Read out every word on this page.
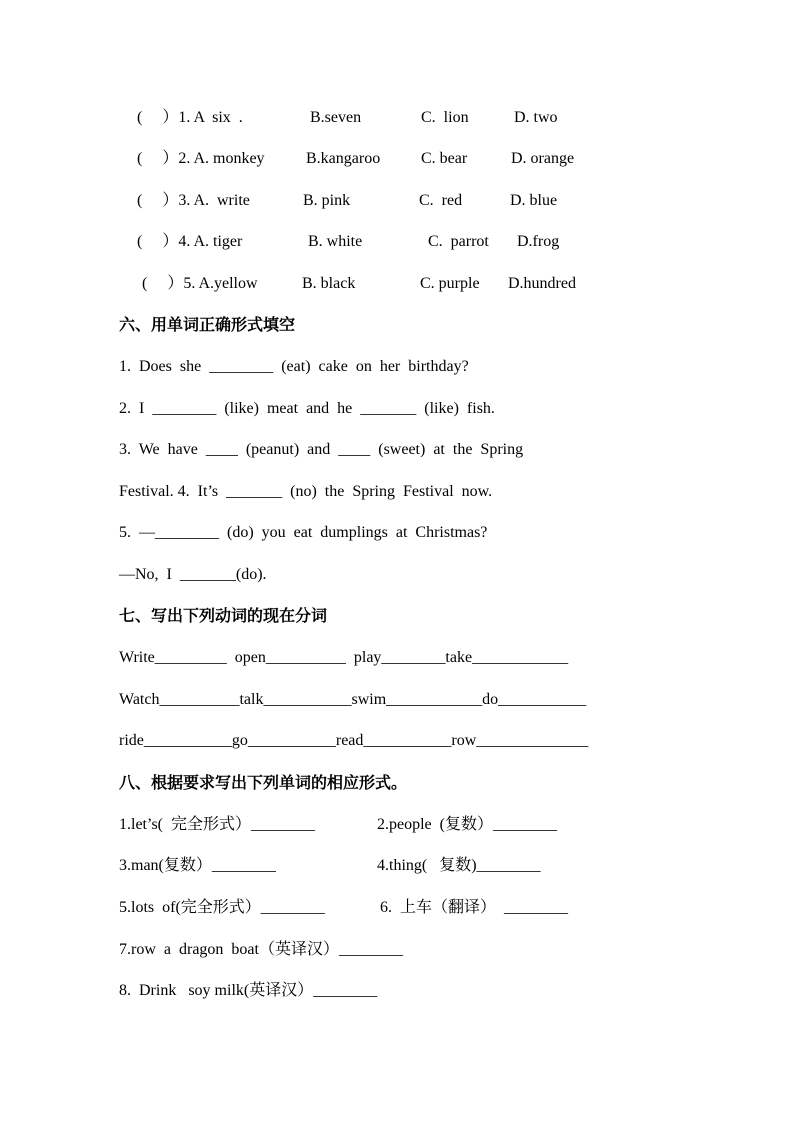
(　 ）1. A  six  .	B.seven	C.  lion	D. two
(　 ）2. A. monkey	B.kangaroo	C. bear	D. orange
(　 ）3. A.  write	B. pink	C.  red	D. blue
(　 ）4. A. tiger	B. white	C.  parrot D.frog
(　 ）5. A.yellow	B. black	C. purple D.hundred
六、用单词正确形式填空
1.  Does  she  ________  (eat)  cake  on  her  birthday?
2.  I  ________  (like)  meat  and  he  _______  (like)  fish.
3.  We  have  ____  (peanut)  and  ____  (sweet)  at  the  Spring
Festival. 4.  It’s  _______  (no)  the  Spring  Festival  now.
5.  —________  (do)  you  eat  dumplings  at  Christmas?
—No,  I  _______(do).
七、写出下列动词的现在分词
Write_________  open__________  play________take____________
Watch__________talk___________swim____________do___________
ride___________go___________read___________row______________
八、根据要求写出下列单词的相应形式。
1.let’s(  完全形式）________	2.people  (复数）________
3.man(复数）________	4.thing(   复数)________
5.lots  of(完全形式）________	6.  上车（翻译）  ________
7.row  a  dragon  boat（英译汉）________
8.  Drink   soy milk(英译汉）________
